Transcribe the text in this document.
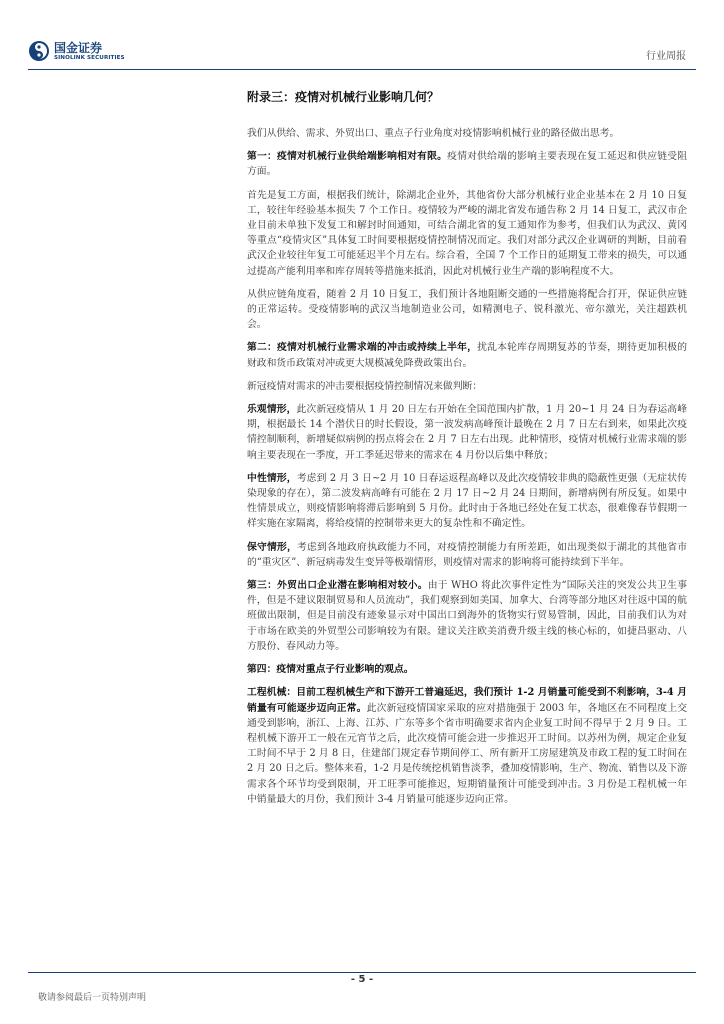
国金证券
SINOLINK SECURITIES	行业周报
附录三：疫情对机械行业影响几何？

我们从供给、需求、外贸出口、重点子行业角度对疫情影响机械行业的路径做出思考。

第一：疫情对机械行业供给端影响相对有限。疫情对供给端的影响主要表现在复工延迟和供应链受阻方面。

首先是复工方面，根据我们统计，除湖北企业外，其他省份大部分机械行业企业基本在 2 月 10 日复工，较往年经验基本损失 7 个工作日。疫情较为严峻的湖北省发布通告称 2 月 14 日复工，武汉市企业目前未单独下发复工和解封时间通知，可结合湖北省的复工通知作为参考，但我们认为武汉、黄冈等重点“疫情灾区”具体复工时间要根据疫情控制情况而定。我们对部分武汉企业调研的判断，目前看武汉企业较往年复工可能延迟半个月左右。综合看，全国 7 个工作日的延期复工带来的损失，可以通过提高产能利用率和库存周转等措施来抵消，因此对机械行业生产端的影响程度不大。

从供应链角度看，随着 2 月 10 日复工，我们预计各地阻断交通的一些措施将配合打开，保证供应链的正常运转。受疫情影响的武汉当地制造业公司，如精测电子、锐科激光、帝尔激光，关注超跌机会。

第二：疫情对机械行业需求端的冲击或持续上半年，扰乱本轮库存周期复苏的节奏，期待更加积极的财政和货币政策对冲或更大规模减免降费政策出台。

新冠疫情对需求的冲击要根据疫情控制情况来做判断：

乐观情形，此次新冠疫情从 1 月 20 日左右开始在全国范围内扩散，1 月 20~1 月 24 日为春运高峰期，根据最长 14 个潜伏日的时长假设，第一波发病高峰预计最晚在 2 月 7 日左右到来，如果此次疫情控制顺利，新增疑似病例的拐点将会在 2 月 7 日左右出现。此种情形，疫情对机械行业需求端的影响主要表现在一季度，开工季延迟带来的需求在 4 月份以后集中释放；

中性情形，考虑到 2 月 3 日~2 月 10 日春运返程高峰以及此次疫情较非典的隐蔽性更强（无症状传染现象的存在），第二波发病高峰有可能在 2 月 17 日~2 月 24 日期间，新增病例有所反复。如果中性情景成立，则疫情影响将滞后影响到 5 月份。此时由于各地已经处在复工状态，很难像春节假期一样实施在家隔离，将给疫情的控制带来更大的复杂性和不确定性。

保守情形，考虑到各地政府执政能力不同，对疫情控制能力有所差距，如出现类似于湖北的其他省市的“重灾区”、新冠病毒发生变异等极端情形，则疫情对需求的影响将可能持续到下半年。

第三：外贸出口企业潜在影响相对较小。由于 WHO 将此次事件定性为“国际关注的突发公共卫生事件，但是不建议限制贸易和人员流动”，我们观察到如美国、加拿大、台湾等部分地区对往返中国的航班做出限制，但是目前没有迹象显示对中国出口到海外的货物实行贸易管制，因此，目前我们认为对于市场在欧美的外贸型公司影响较为有限。建议关注欧美消费升级主线的核心标的，如捷昌驱动、八方股份、春风动力等。

第四：疫情对重点子行业影响的观点。

工程机械：目前工程机械生产和下游开工普遍延迟，我们预计 1-2 月销量可能受到不利影响，3-4 月销量有可能逐步迈向正常。此次新冠疫情国家采取的应对措施强于 2003 年，各地区在不同程度上交通受到影响，浙江、上海、江苏、广东等多个省市明确要求省内企业复工时间不得早于 2 月 9 日。工程机械下游开工一般在元宵节之后，此次疫情可能会进一步推迟开工时间。以苏州为例，规定企业复工时间不早于 2 月 8 日，住建部门规定春节期间停工、所有新开工房屋建筑及市政工程的复工时间在 2 月 20 日之后。整体来看，1-2 月是传统挖机销售淡季，叠加疫情影响，生产、物流、销售以及下游需求各个环节均受到限制，开工旺季可能推迟，短期销量预计可能受到冲击。3 月份是工程机械一年中销量最大的月份，我们预计 3-4 月销量可能逐步迈向正常。

- 5 -
敬请参阅最后一页特别声明
